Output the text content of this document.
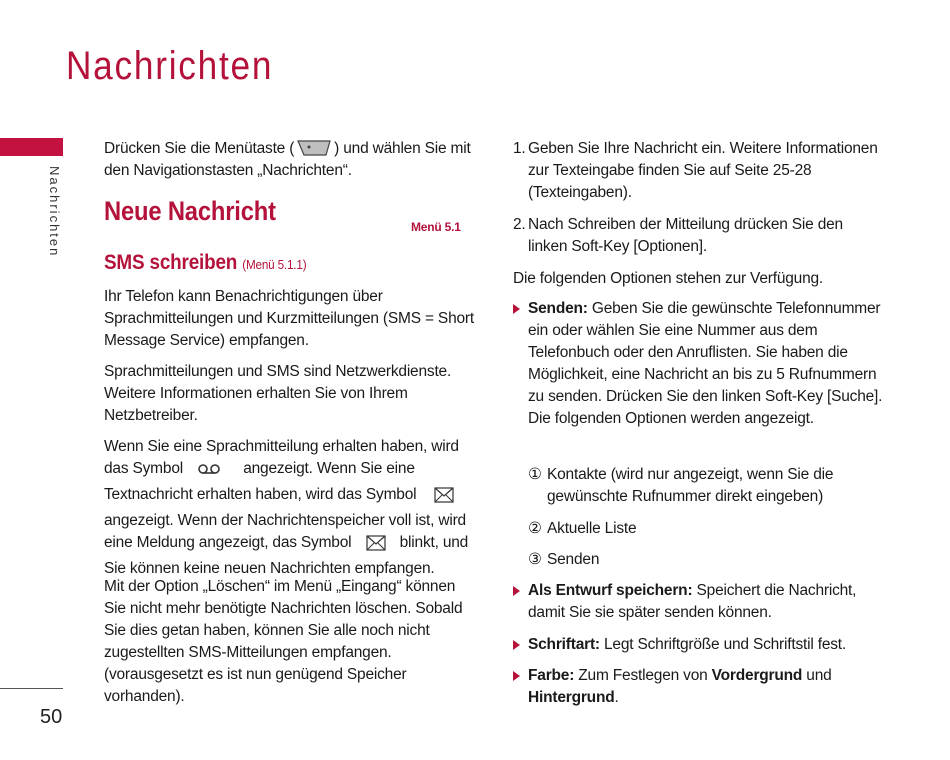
Nachrichten
Nachrichten
50

Drücken Sie die Menütaste (	) und wählen Sie mit den Navigationstasten „Nachrichten“.

Neue Nachricht
Menü 5.1
SMS schreiben (Menü 5.1.1)

Ihr Telefon kann Benachrichtigungen über Sprachmitteilungen und Kurzmitteilungen (SMS = Short Message Service) empfangen.

Sprachmitteilungen und SMS sind Netzwerkdienste. Weitere Informationen erhalten Sie von Ihrem Netzbetreiber.

Wenn Sie eine Sprachmitteilung erhalten haben, wird das Symbol	angezeigt. Wenn Sie eine Textnachricht erhalten haben, wird das Symbol  angezeigt. Wenn der Nachrichtenspeicher voll ist, wird eine Meldung angezeigt, das Symbol	blinkt, und Sie können keine neuen Nachrichten empfangen.

Mit der Option „Löschen“ im Menü „Eingang“ können Sie nicht mehr benötigte Nachrichten löschen. Sobald Sie dies getan haben, können Sie alle noch nicht zugestellten SMS-Mitteilungen empfangen. (vorausgesetzt es ist nun genügend Speicher vorhanden).

1. Geben Sie Ihre Nachricht ein. Weitere Informationen zur Texteingabe finden Sie auf Seite 25-28 (Texteingaben).

2. Nach Schreiben der Mitteilung drücken Sie den linken Soft-Key [Optionen].

Die folgenden Optionen stehen zur Verfügung.

Senden: Geben Sie die gewünschte Telefonnummer ein oder wählen Sie eine Nummer aus dem Telefonbuch oder den Anruflisten. Sie haben die Möglichkeit, eine Nachricht an bis zu 5 Rufnummern zu senden. Drücken Sie den linken Soft-Key [Suche]. Die folgenden Optionen werden angezeigt.

① Kontakte (wird nur angezeigt, wenn Sie die gewünschte Rufnummer direkt eingeben)

② Aktuelle Liste

③ Senden

Als Entwurf speichern: Speichert die Nachricht, damit Sie sie später senden können.

Schriftart: Legt Schriftgröße und Schriftstil fest.

Farbe: Zum Festlegen von Vordergrund und Hintergrund.
